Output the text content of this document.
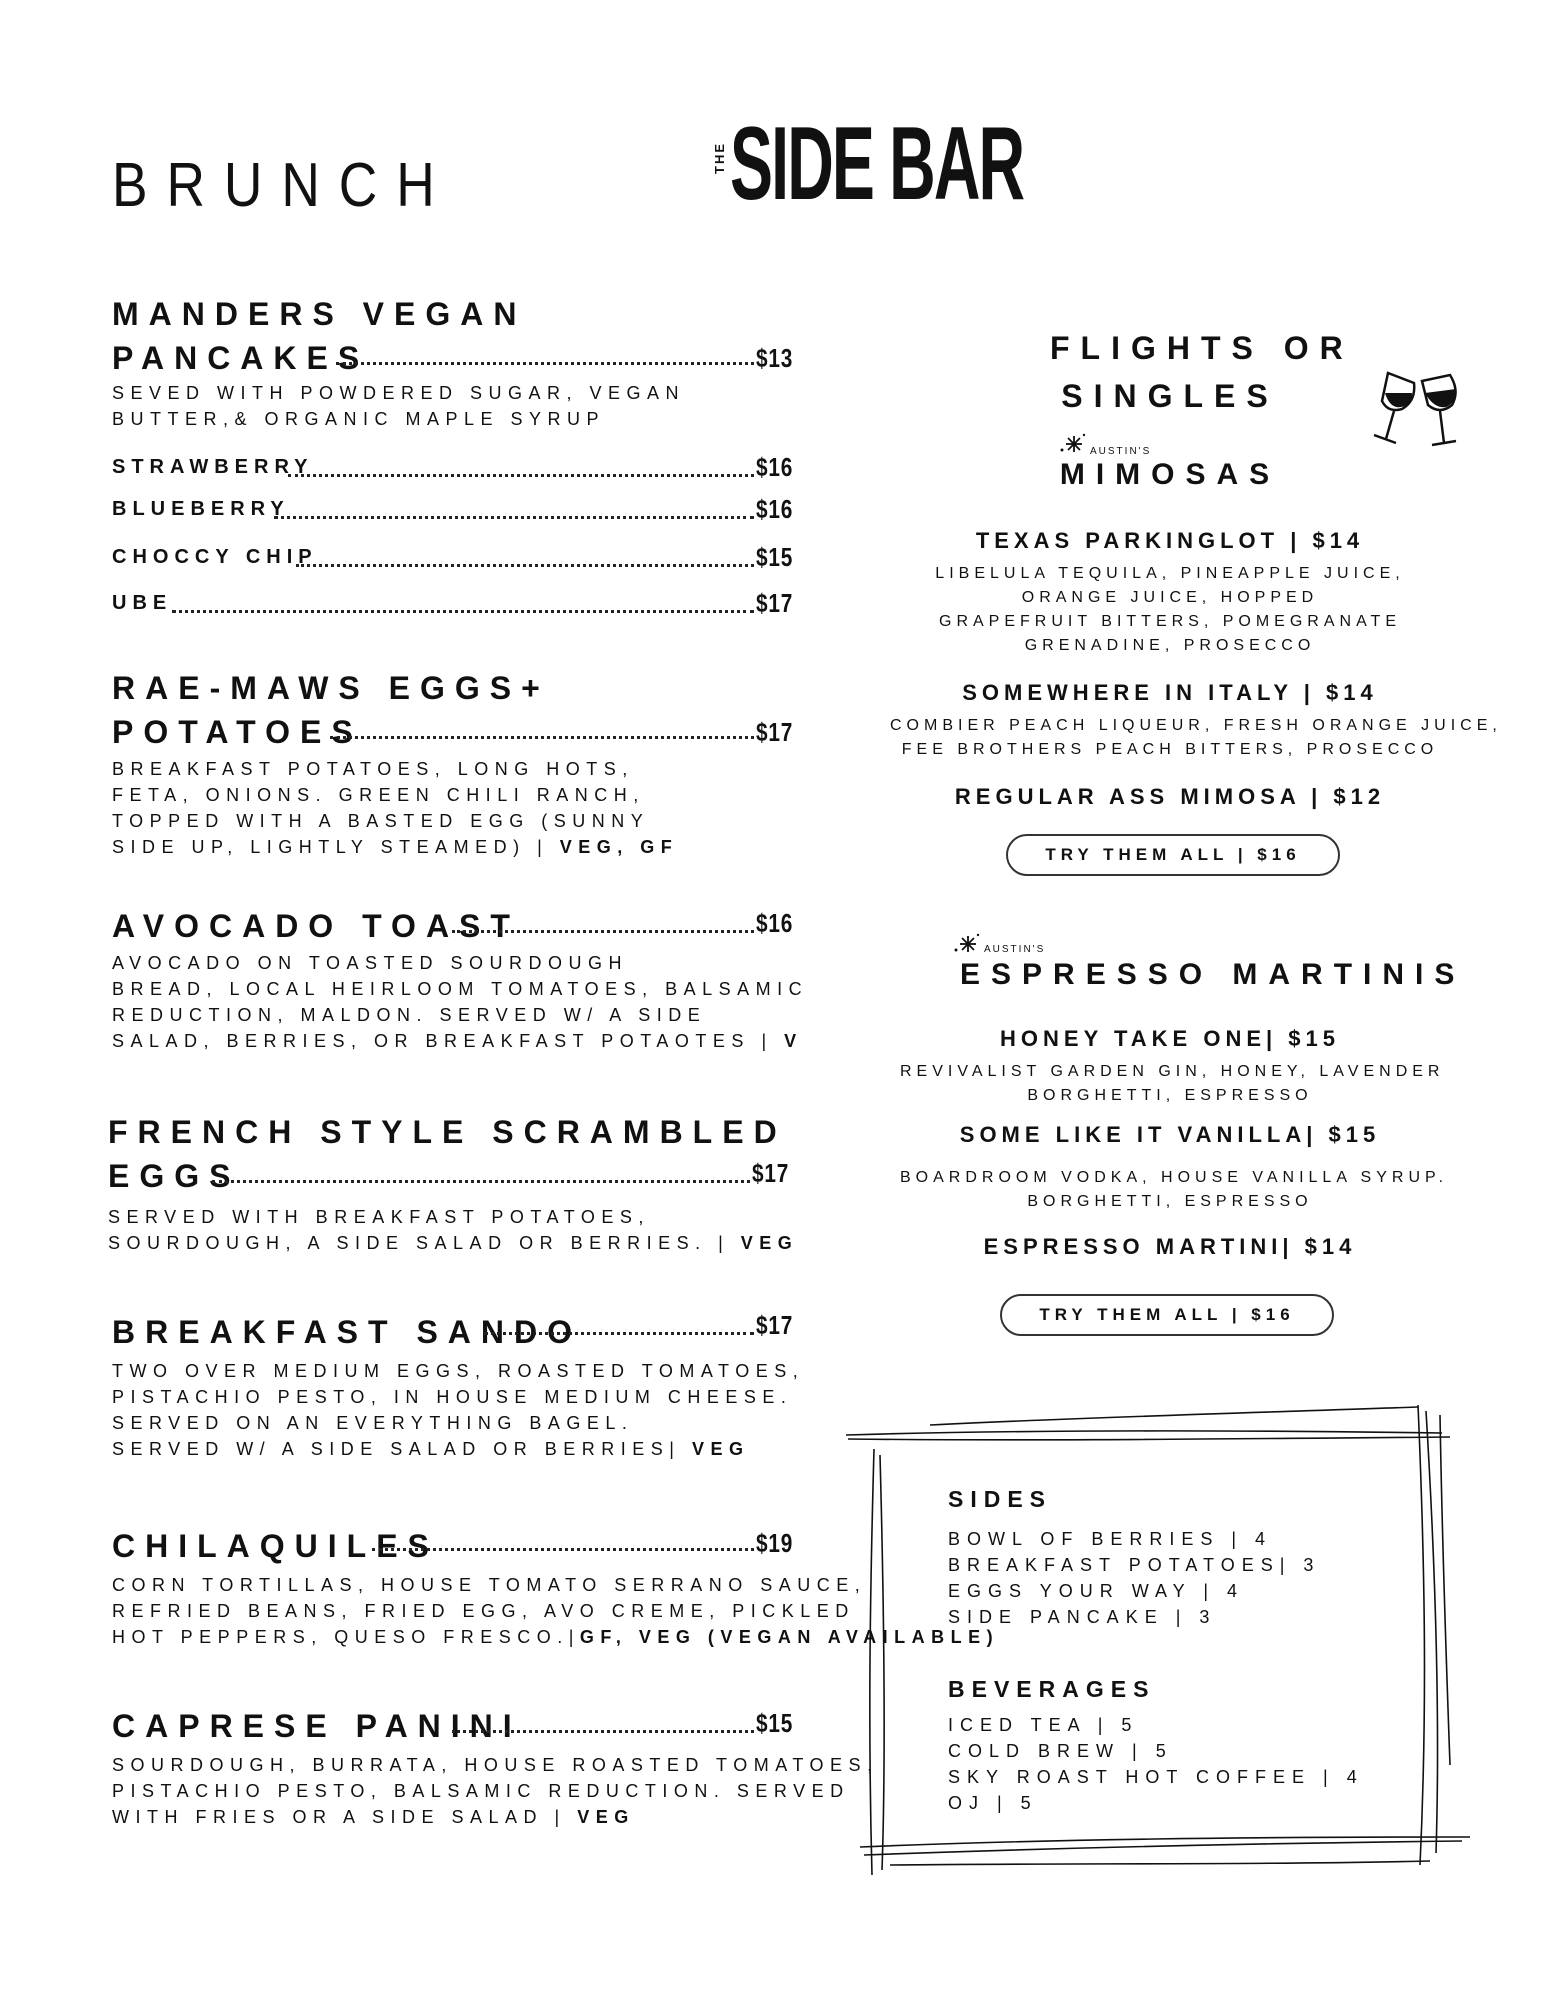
BRUNCH	THE SIDE BAR
MANDERS VEGAN
PANCAKES	$13
SEVED WITH POWDERED SUGAR, VEGAN
BUTTER,& ORGANIC MAPLE SYRUP
STRAWBERRY	$16
BLUEBERRY	$16
CHOCCY CHIP	$15
UBE	$17
RAE-MAWS EGGS+
POTATOES	$17
BREAKFAST POTATOES, LONG HOTS,
FETA, ONIONS. GREEN CHILI RANCH,
TOPPED WITH A BASTED EGG (SUNNY
SIDE UP, LIGHTLY STEAMED) | VEG, GF
AVOCADO TOAST	$16
AVOCADO ON TOASTED SOURDOUGH
BREAD, LOCAL HEIRLOOM TOMATOES, BALSAMIC
REDUCTION, MALDON. SERVED W/ A SIDE
SALAD, BERRIES, OR BREAKFAST POTAOTES | V
FRENCH STYLE SCRAMBLED
EGGS	$17
SERVED WITH BREAKFAST POTATOES,
SOURDOUGH, A SIDE SALAD OR BERRIES. | VEG
BREAKFAST SANDO	$17
TWO OVER MEDIUM EGGS, ROASTED TOMATOES,
PISTACHIO PESTO, IN HOUSE MEDIUM CHEESE.
SERVED ON AN EVERYTHING BAGEL.
SERVED W/ A SIDE SALAD OR BERRIES| VEG
CHILAQUILES	$19
CORN TORTILLAS, HOUSE TOMATO SERRANO SAUCE,
REFRIED BEANS, FRIED EGG, AVO CREME, PICKLED
HOT PEPPERS, QUESO FRESCO.|GF, VEG (VEGAN AVAILABLE)
CAPRESE PANINI	$15
SOURDOUGH, BURRATA, HOUSE ROASTED TOMATOES,
PISTACHIO PESTO, BALSAMIC REDUCTION. SERVED
WITH FRIES OR A SIDE SALAD | VEG
FLIGHTS OR
SINGLES
AUSTIN'S
MIMOSAS
TEXAS PARKINGLOT | $14
LIBELULA TEQUILA, PINEAPPLE JUICE,
ORANGE JUICE, HOPPED
GRAPEFRUIT BITTERS, POMEGRANATE
GRENADINE, PROSECCO
SOMEWHERE IN ITALY | $14
COMBIER PEACH LIQUEUR, FRESH ORANGE JUICE,
FEE BROTHERS PEACH BITTERS, PROSECCO
REGULAR ASS MIMOSA | $12
TRY THEM ALL | $16
AUSTIN'S
ESPRESSO MARTINIS
HONEY TAKE ONE| $15
REVIVALIST GARDEN GIN, HONEY, LAVENDER
BORGHETTI, ESPRESSO
SOME LIKE IT VANILLA| $15
BOARDROOM VODKA, HOUSE VANILLA SYRUP.
BORGHETTI, ESPRESSO
ESPRESSO MARTINI| $14
TRY THEM ALL | $16
SIDES
BOWL OF BERRIES | 4
BREAKFAST POTATOES| 3
EGGS YOUR WAY | 4
SIDE PANCAKE | 3
BEVERAGES
ICED TEA | 5
COLD BREW | 5
SKY ROAST HOT COFFEE | 4
OJ | 5
